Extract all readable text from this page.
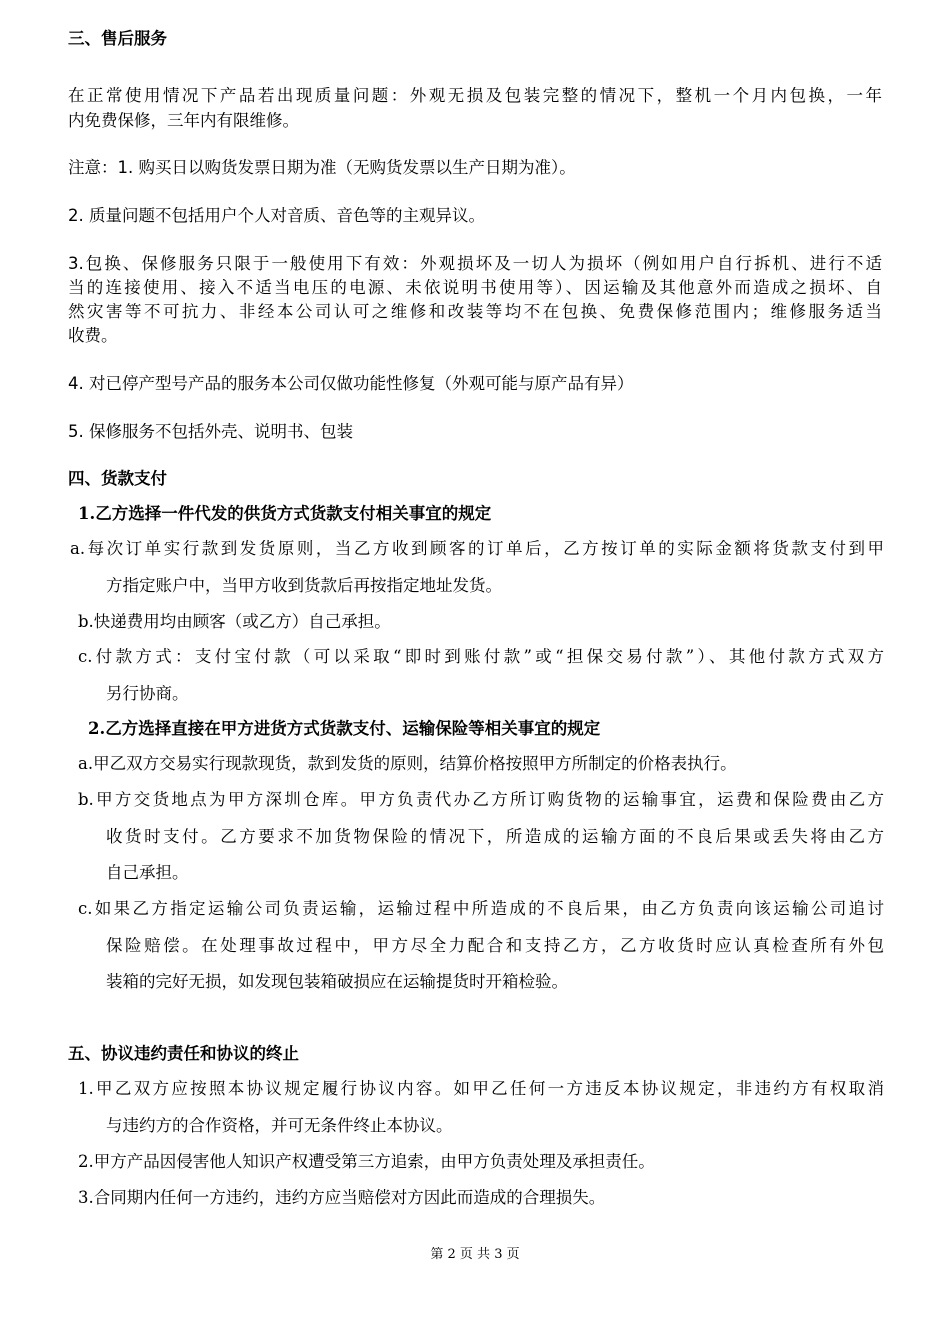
三、售后服务
在正常使用情况下产品若出现质量问题：外观无损及包装完整的情况下，整机一个月内包换，一年
内免费保修，三年内有限维修。
注意：1. 购买日以购货发票日期为准（无购货发票以生产日期为准）。
2. 质量问题不包括用户个人对音质、音色等的主观异议。
3.包换、保修服务只限于一般使用下有效：外观损坏及一切人为损坏（例如用户自行拆机、进行不适
当的连接使用、接入不适当电压的电源、未依说明书使用等）、因运输及其他意外而造成之损坏、自
然灾害等不可抗力、非经本公司认可之维修和改装等均不在包换、免费保修范围内；维修服务适当
收费。
4. 对已停产型号产品的服务本公司仅做功能性修复（外观可能与原产品有异）
5. 保修服务不包括外壳、说明书、包装
四、货款支付
1.乙方选择一件代发的供货方式货款支付相关事宜的规定
a.每次订单实行款到发货原则，当乙方收到顾客的订单后，乙方按订单的实际金额将货款支付到甲
方指定账户中，当甲方收到货款后再按指定地址发货。
b.快递费用均由顾客（或乙方）自己承担。
c.付款方式：支付宝付款（可以采取“即时到账付款”或“担保交易付款”）、其他付款方式双方
另行协商。
2.乙方选择直接在甲方进货方式货款支付、运输保险等相关事宜的规定
a.甲乙双方交易实行现款现货，款到发货的原则，结算价格按照甲方所制定的价格表执行。
b.甲方交货地点为甲方深圳仓库。甲方负责代办乙方所订购货物的运输事宜，运费和保险费由乙方
收货时支付。乙方要求不加货物保险的情况下，所造成的运输方面的不良后果或丢失将由乙方
自己承担。
c.如果乙方指定运输公司负责运输，运输过程中所造成的不良后果，由乙方负责向该运输公司追讨
保险赔偿。在处理事故过程中，甲方尽全力配合和支持乙方，乙方收货时应认真检查所有外包
装箱的完好无损，如发现包装箱破损应在运输提货时开箱检验。
五、协议违约责任和协议的终止
1.甲乙双方应按照本协议规定履行协议内容。如甲乙任何一方违反本协议规定，非违约方有权取消
与违约方的合作资格，并可无条件终止本协议。
2.甲方产品因侵害他人知识产权遭受第三方追索，由甲方负责处理及承担责任。
3.合同期内任何一方违约，违约方应当赔偿对方因此而造成的合理损失。
第 2 页 共 3 页
